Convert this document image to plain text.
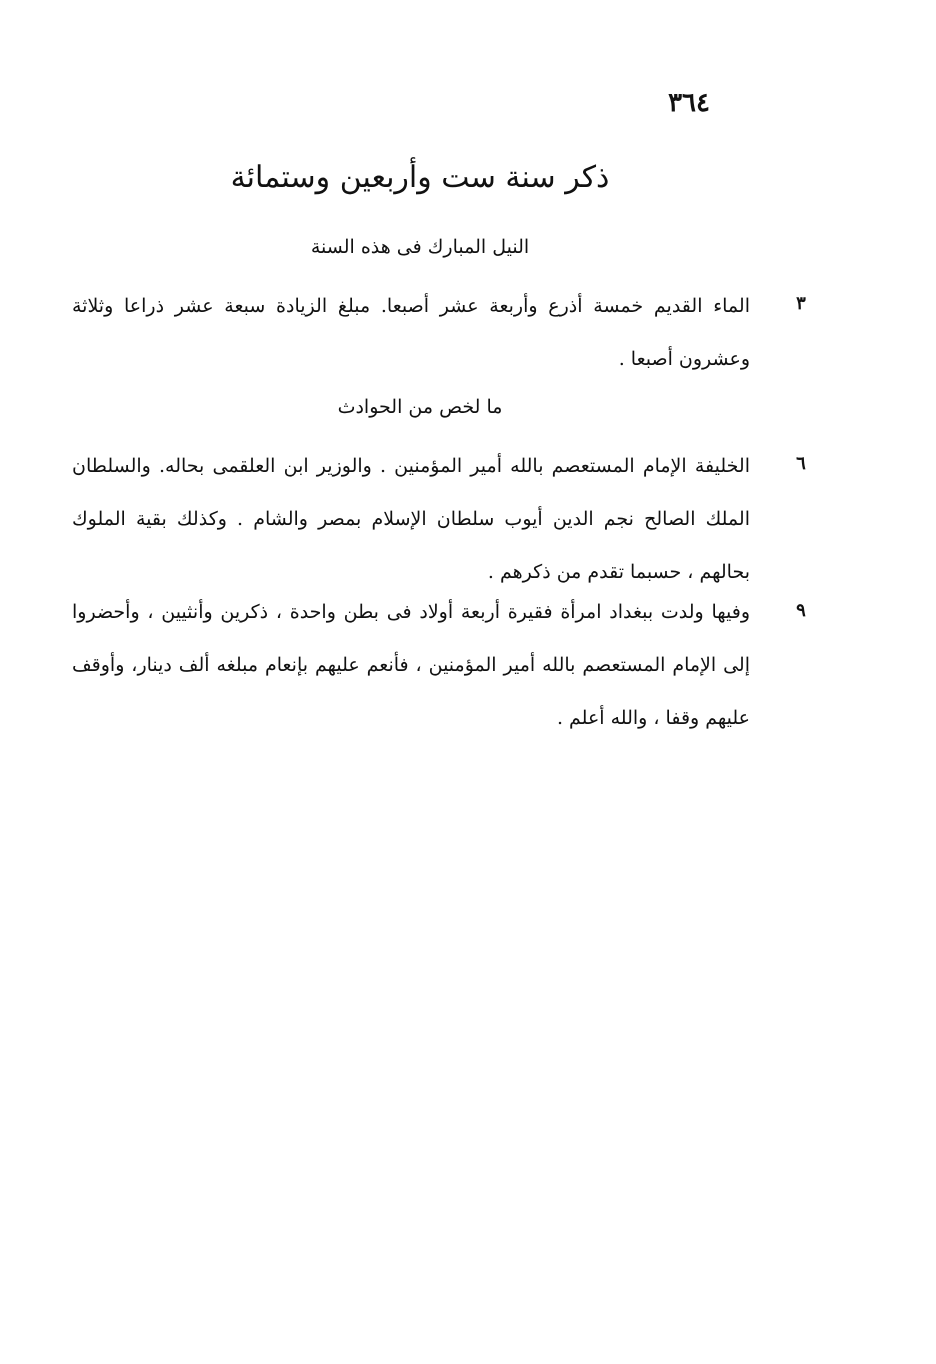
٣٦٤
ذكر سنة ست وأربعين وستمائة
النيل المبارك فى هذه السنة
٣
الماء القديم خمسة أذرع وأربعة عشر أصبعا. مبلغ الزيادة سبعة عشر ذراعا وثلاثة وعشرون أصبعا .
ما لخص من الحوادث
٦
الخليفة الإمام المستعصم بالله أمير المؤمنين . والوزير ابن العلقمى بحاله. والسلطان الملك الصالح نجم الدين أيوب سلطان الإسلام بمصر والشام . وكذلك بقية الملوك بحالهم ، حسبما تقدم من ذكرهم .
٩
وفيها ولدت ببغداد امرأة فقيرة أربعة أولاد فى بطن واحدة ، ذكرين وأنثيين ، وأحضروا إلى الإمام المستعصم بالله أمير المؤمنين ، فأنعم عليهم بإنعام مبلغه ألف دينار، وأوقف عليهم وقفا ، والله أعلم .
